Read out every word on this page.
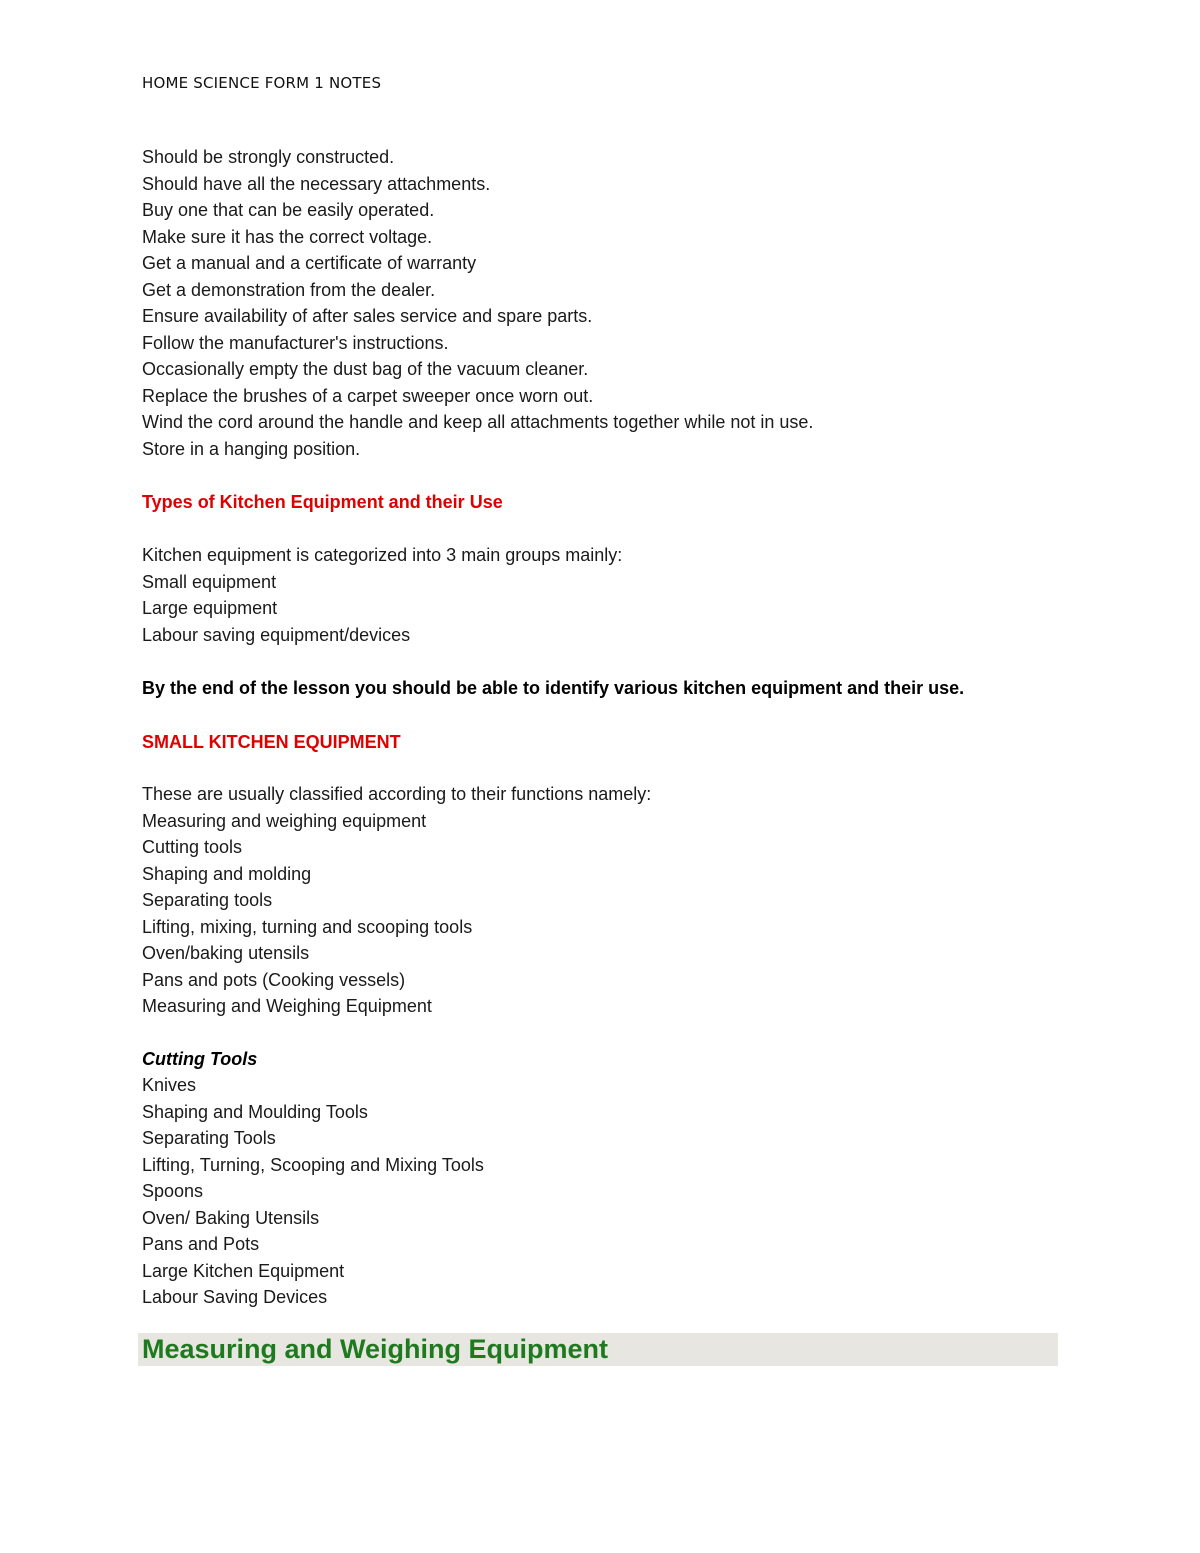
HOME SCIENCE FORM 1 NOTES
Should be strongly constructed.
Should have all the necessary attachments.
Buy one that can be easily operated.
Make sure it has the correct voltage.
Get a manual and a certificate of warranty
Get a demonstration from the dealer.
Ensure availability of after sales service and spare parts.
Follow the manufacturer's instructions.
Occasionally empty the dust bag of the vacuum cleaner.
Replace the brushes of a carpet sweeper once worn out.
Wind the cord around the handle and keep all attachments together while not in use.
Store in a hanging position.
Types of Kitchen Equipment and their Use
Kitchen equipment is categorized into 3 main groups mainly:
Small equipment
Large equipment
Labour saving equipment/devices
By the end of the lesson you should be able to identify various kitchen equipment and their use.
SMALL KITCHEN EQUIPMENT
These are usually classified according to their functions namely:
Measuring and weighing equipment
Cutting tools
Shaping and molding
Separating tools
Lifting, mixing, turning and scooping tools
Oven/baking utensils
Pans and pots (Cooking vessels)
Measuring and Weighing Equipment
Cutting Tools
Knives
Shaping and Moulding Tools
Separating Tools
Lifting, Turning, Scooping and Mixing Tools
Spoons
Oven/ Baking Utensils
Pans and Pots
Large Kitchen Equipment
Labour Saving Devices
Measuring and Weighing Equipment
